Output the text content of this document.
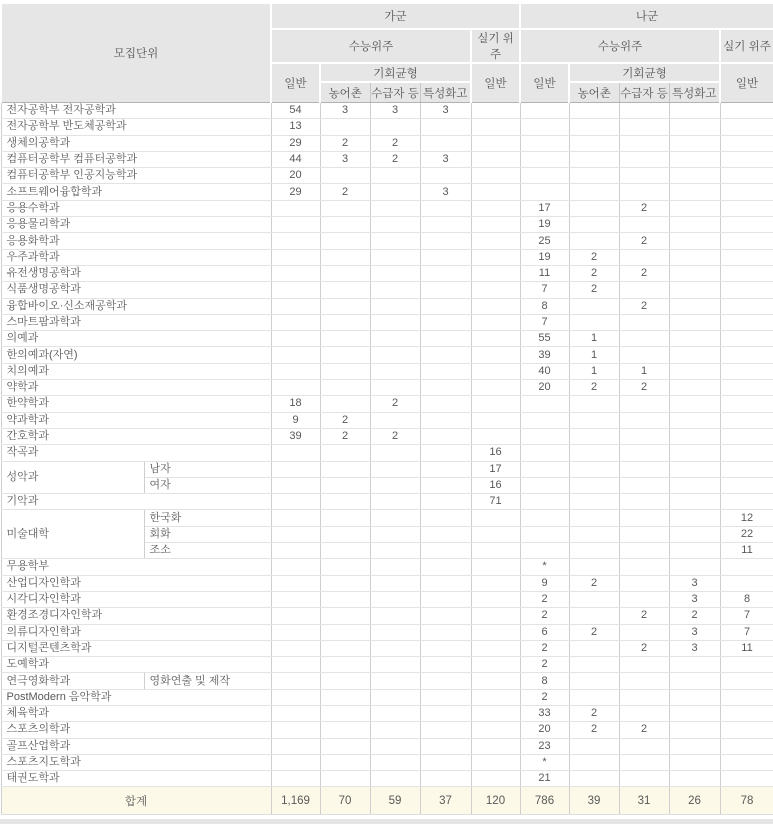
모집단위		가군					나군				
		수능위주				실기 위주	수능위주				실기 위주
		일반	기회균형			일반	일반	기회균형			일반
			농어촌	수급자 등	특성화고			농어촌	수급자 등	특성화고	
전자공학부 전자공학과		54	3	3	3						
전자공학부 반도체공학과		13									
생체의공학과		29	2	2							
컴퓨터공학부 컴퓨터공학과		44	3	2	3						
컴퓨터공학부 인공지능학과		20									
소프트웨어융합학과		29	2		3						
응용수학과							17		2		
응용물리학과							19				
응용화학과							25		2		
우주과학과							19	2			
유전생명공학과							11	2	2		
식품생명공학과							7	2			
융합바이오·신소재공학과							8		2		
스마트팜과학과							7				
의예과							55	1			
한의예과(자연)							39	1			
치의예과							40	1	1		
약학과							20	2	2		
한약학과		18		2							
약과학과		9	2								
간호학과		39	2	2							
작곡과						16					
성악과	남자					17					
	여자					16					
기악과						71					
미술대학	한국화										12
	회화										22
	조소										11
무용학부							*				
산업디자인학과							9	2		3	
시각디자인학과							2			3	8
환경조경디자인학과							2		2	2	7
의류디자인학과							6	2		3	7
디지털콘텐츠학과							2		2	3	11
도예학과							2				
연극영화학과	영화연출 및 제작						8				
PostModern 음악학과							2				
체육학과							33	2			
스포츠의학과							20	2	2		
골프산업학과							23				
스포츠지도학과							*				
태권도학과							21				
합계		1,169	70	59	37	120	786	39	31	26	78
